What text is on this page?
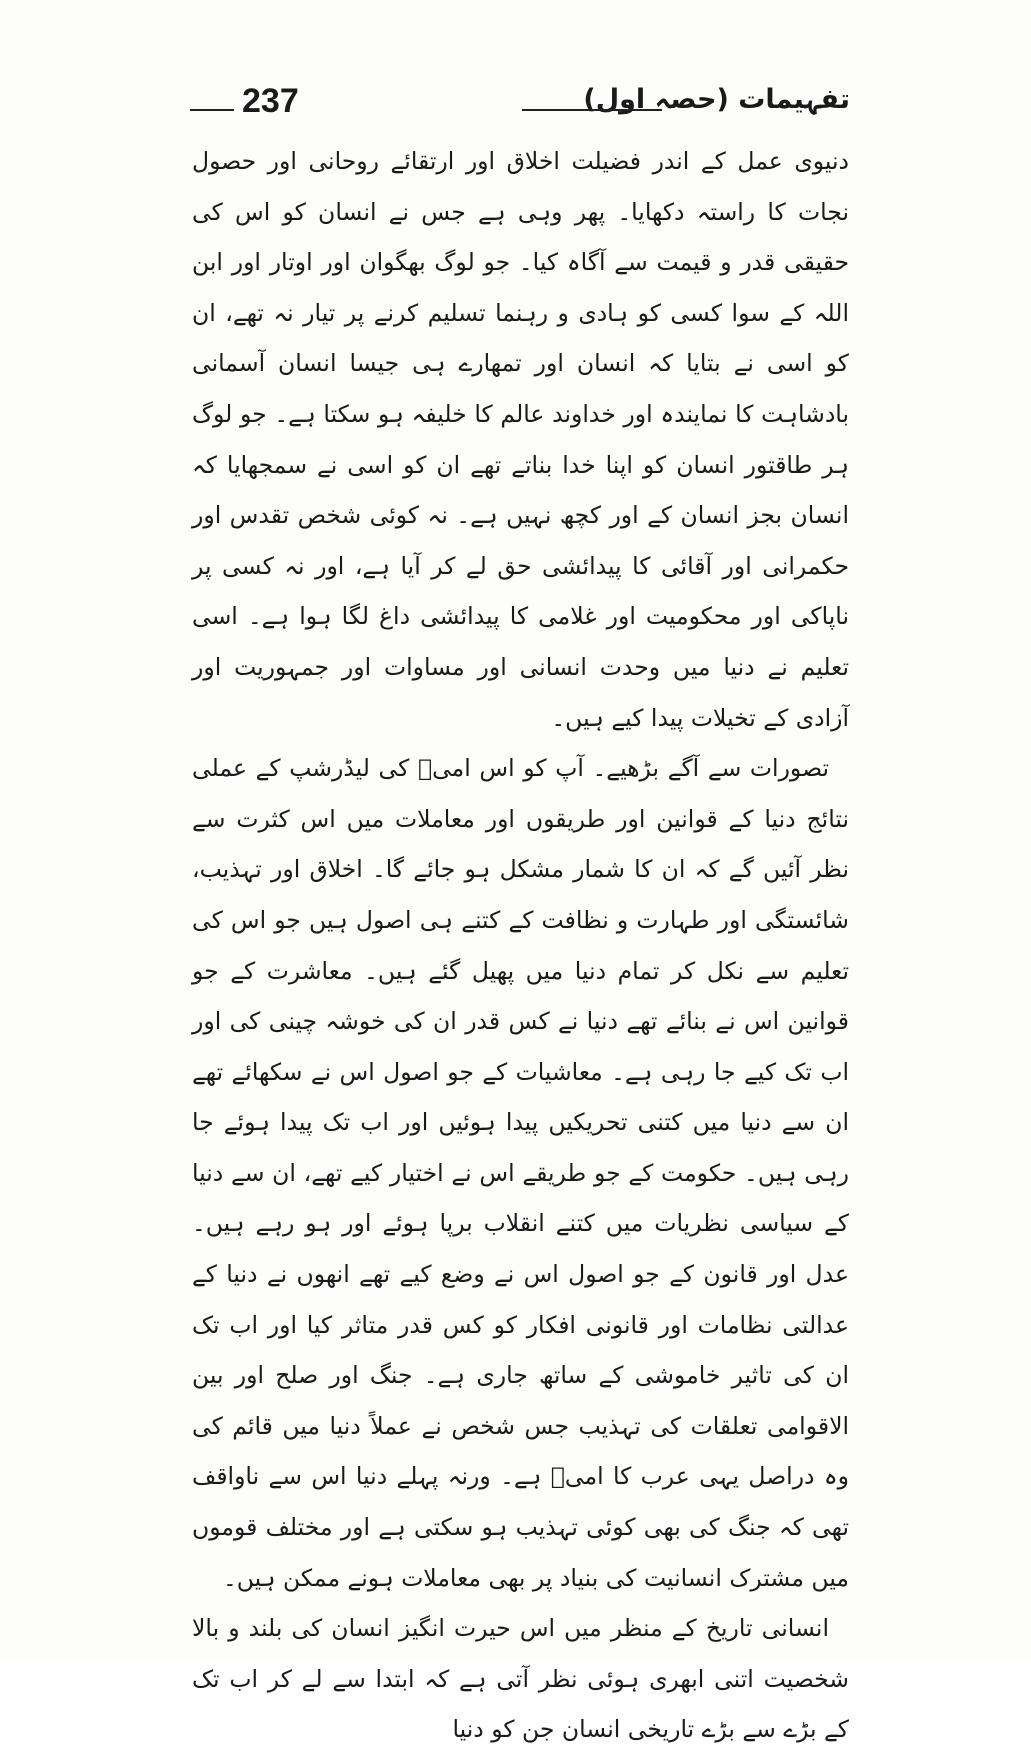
تفہیمات (حصہ اول)
237

دنیوی عمل کے اندر فضیلت اخلاق اور ارتقائے روحانی اور حصول نجات کا راستہ دکھایا۔ پھر وہی ہے جس نے انسان کو اس کی حقیقی قدر و قیمت سے آگاہ کیا۔ جو لوگ بھگوان اور اوتار اور ابن اللہ کے سوا کسی کو ہادی و رہنما تسلیم کرنے پر تیار نہ تھے، ان کو اسی نے بتایا کہ انسان اور تمھارے ہی جیسا انسان آسمانی بادشاہت کا نمایندہ اور خداوند عالم کا خلیفہ ہو سکتا ہے۔ جو لوگ ہر طاقتور انسان کو اپنا خدا بناتے تھے ان کو اسی نے سمجھایا کہ انسان بجز انسان کے اور کچھ نہیں ہے۔ نہ کوئی شخص تقدس اور حکمرانی اور آقائی کا پیدائشی حق لے کر آیا ہے، اور نہ کسی پر ناپاکی اور محکومیت اور غلامی کا پیدائشی داغ لگا ہوا ہے۔ اسی تعلیم نے دنیا میں وحدت انسانی اور مساوات اور جمہوریت اور آزادی کے تخیلات پیدا کیے ہیں۔

تصورات سے آگے بڑھیے۔ آپ کو اس امیؐ کی لیڈرشپ کے عملی نتائج دنیا کے قوانین اور طریقوں اور معاملات میں اس کثرت سے نظر آئیں گے کہ ان کا شمار مشکل ہو جائے گا۔ اخلاق اور تہذیب، شائستگی اور طہارت و نظافت کے کتنے ہی اصول ہیں جو اس کی تعلیم سے نکل کر تمام دنیا میں پھیل گئے ہیں۔ معاشرت کے جو قوانین اس نے بنائے تھے دنیا نے کس قدر ان کی خوشہ چینی کی اور اب تک کیے جا رہی ہے۔ معاشیات کے جو اصول اس نے سکھائے تھے ان سے دنیا میں کتنی تحریکیں پیدا ہوئیں اور اب تک پیدا ہوئے جا رہی ہیں۔ حکومت کے جو طریقے اس نے اختیار کیے تھے، ان سے دنیا کے سیاسی نظریات میں کتنے انقلاب برپا ہوئے اور ہو رہے ہیں۔ عدل اور قانون کے جو اصول اس نے وضع کیے تھے انھوں نے دنیا کے عدالتی نظامات اور قانونی افکار کو کس قدر متاثر کیا اور اب تک ان کی تاثیر خاموشی کے ساتھ جاری ہے۔ جنگ اور صلح اور بین الاقوامی تعلقات کی تہذیب جس شخص نے عملاً دنیا میں قائم کی وہ دراصل یہی عرب کا امیؐ ہے۔ ورنہ پہلے دنیا اس سے ناواقف تھی کہ جنگ کی بھی کوئی تہذیب ہو سکتی ہے اور مختلف قوموں میں مشترک انسانیت کی بنیاد پر بھی معاملات ہونے ممکن ہیں۔

انسانی تاریخ کے منظر میں اس حیرت انگیز انسان کی بلند و بالا شخصیت اتنی ابھری ہوئی نظر آتی ہے کہ ابتدا سے لے کر اب تک کے بڑے سے بڑے تاریخی انسان جن کو دنیا
